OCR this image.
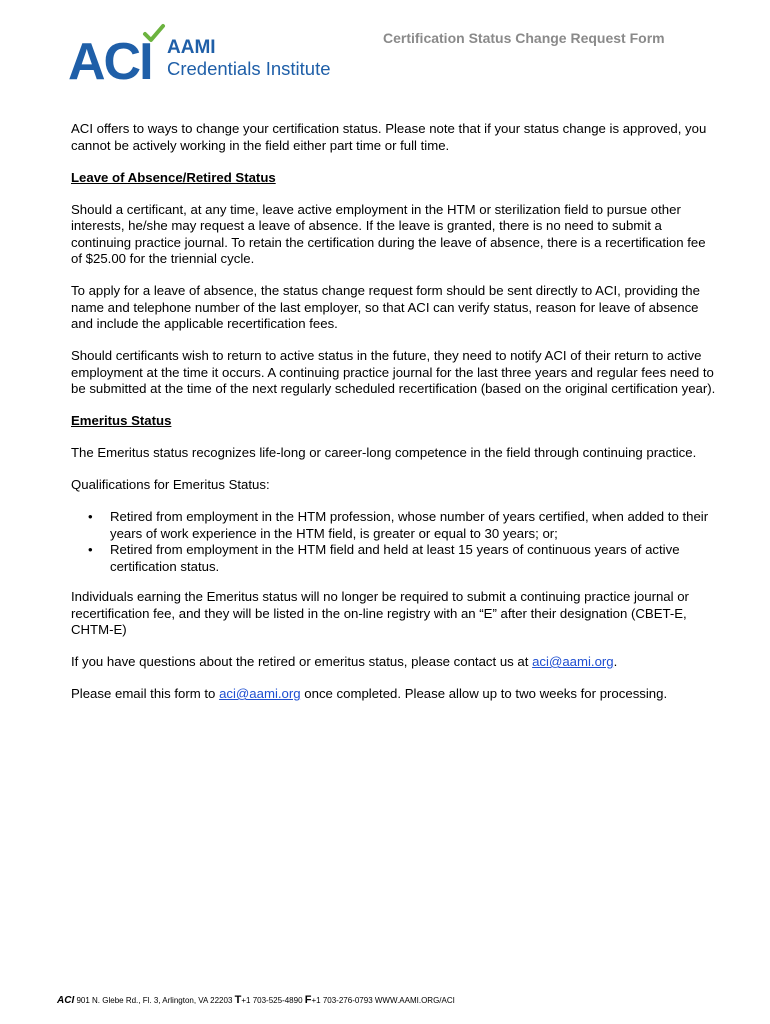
ACI AAMI
Credentials Institute
Certification Status Change Request Form

ACI offers to ways to change your certification status. Please note that if your status change is approved, you cannot be actively working in the field either part time or full time.

Leave of Absence/Retired Status

Should a certificant, at any time, leave active employment in the HTM or sterilization field to pursue other interests, he/she may request a leave of absence. If the leave is granted, there is no need to submit a continuing practice journal. To retain the certification during the leave of absence, there is a recertification fee of $25.00 for the triennial cycle.

To apply for a leave of absence, the status change request form should be sent directly to ACI, providing the name and telephone number of the last employer, so that ACI can verify status, reason for leave of absence and include the applicable recertification fees.

Should certificants wish to return to active status in the future, they need to notify ACI of their return to active employment at the time it occurs. A continuing practice journal for the last three years and regular fees need to be submitted at the time of the next regularly scheduled recertification (based on the original certification year).

Emeritus Status

The Emeritus status recognizes life-long or career-long competence in the field through continuing practice.

Qualifications for Emeritus Status:

• Retired from employment in the HTM profession, whose number of years certified, when added to their years of work experience in the HTM field, is greater or equal to 30 years; or;
• Retired from employment in the HTM field and held at least 15 years of continuous years of active certification status.

Individuals earning the Emeritus status will no longer be required to submit a continuing practice journal or recertification fee, and they will be listed in the on-line registry with an “E” after their designation (CBET-E, CHTM-E)

If you have questions about the retired or emeritus status, please contact us at aci@aami.org.

Please email this form to aci@aami.org once completed. Please allow up to two weeks for processing.

ACI 901 N. Glebe Rd., Fl. 3, Arlington, VA 22203 T+1 703-525-4890 F+1 703-276-0793 WWW.AAMI.ORG/ACI
